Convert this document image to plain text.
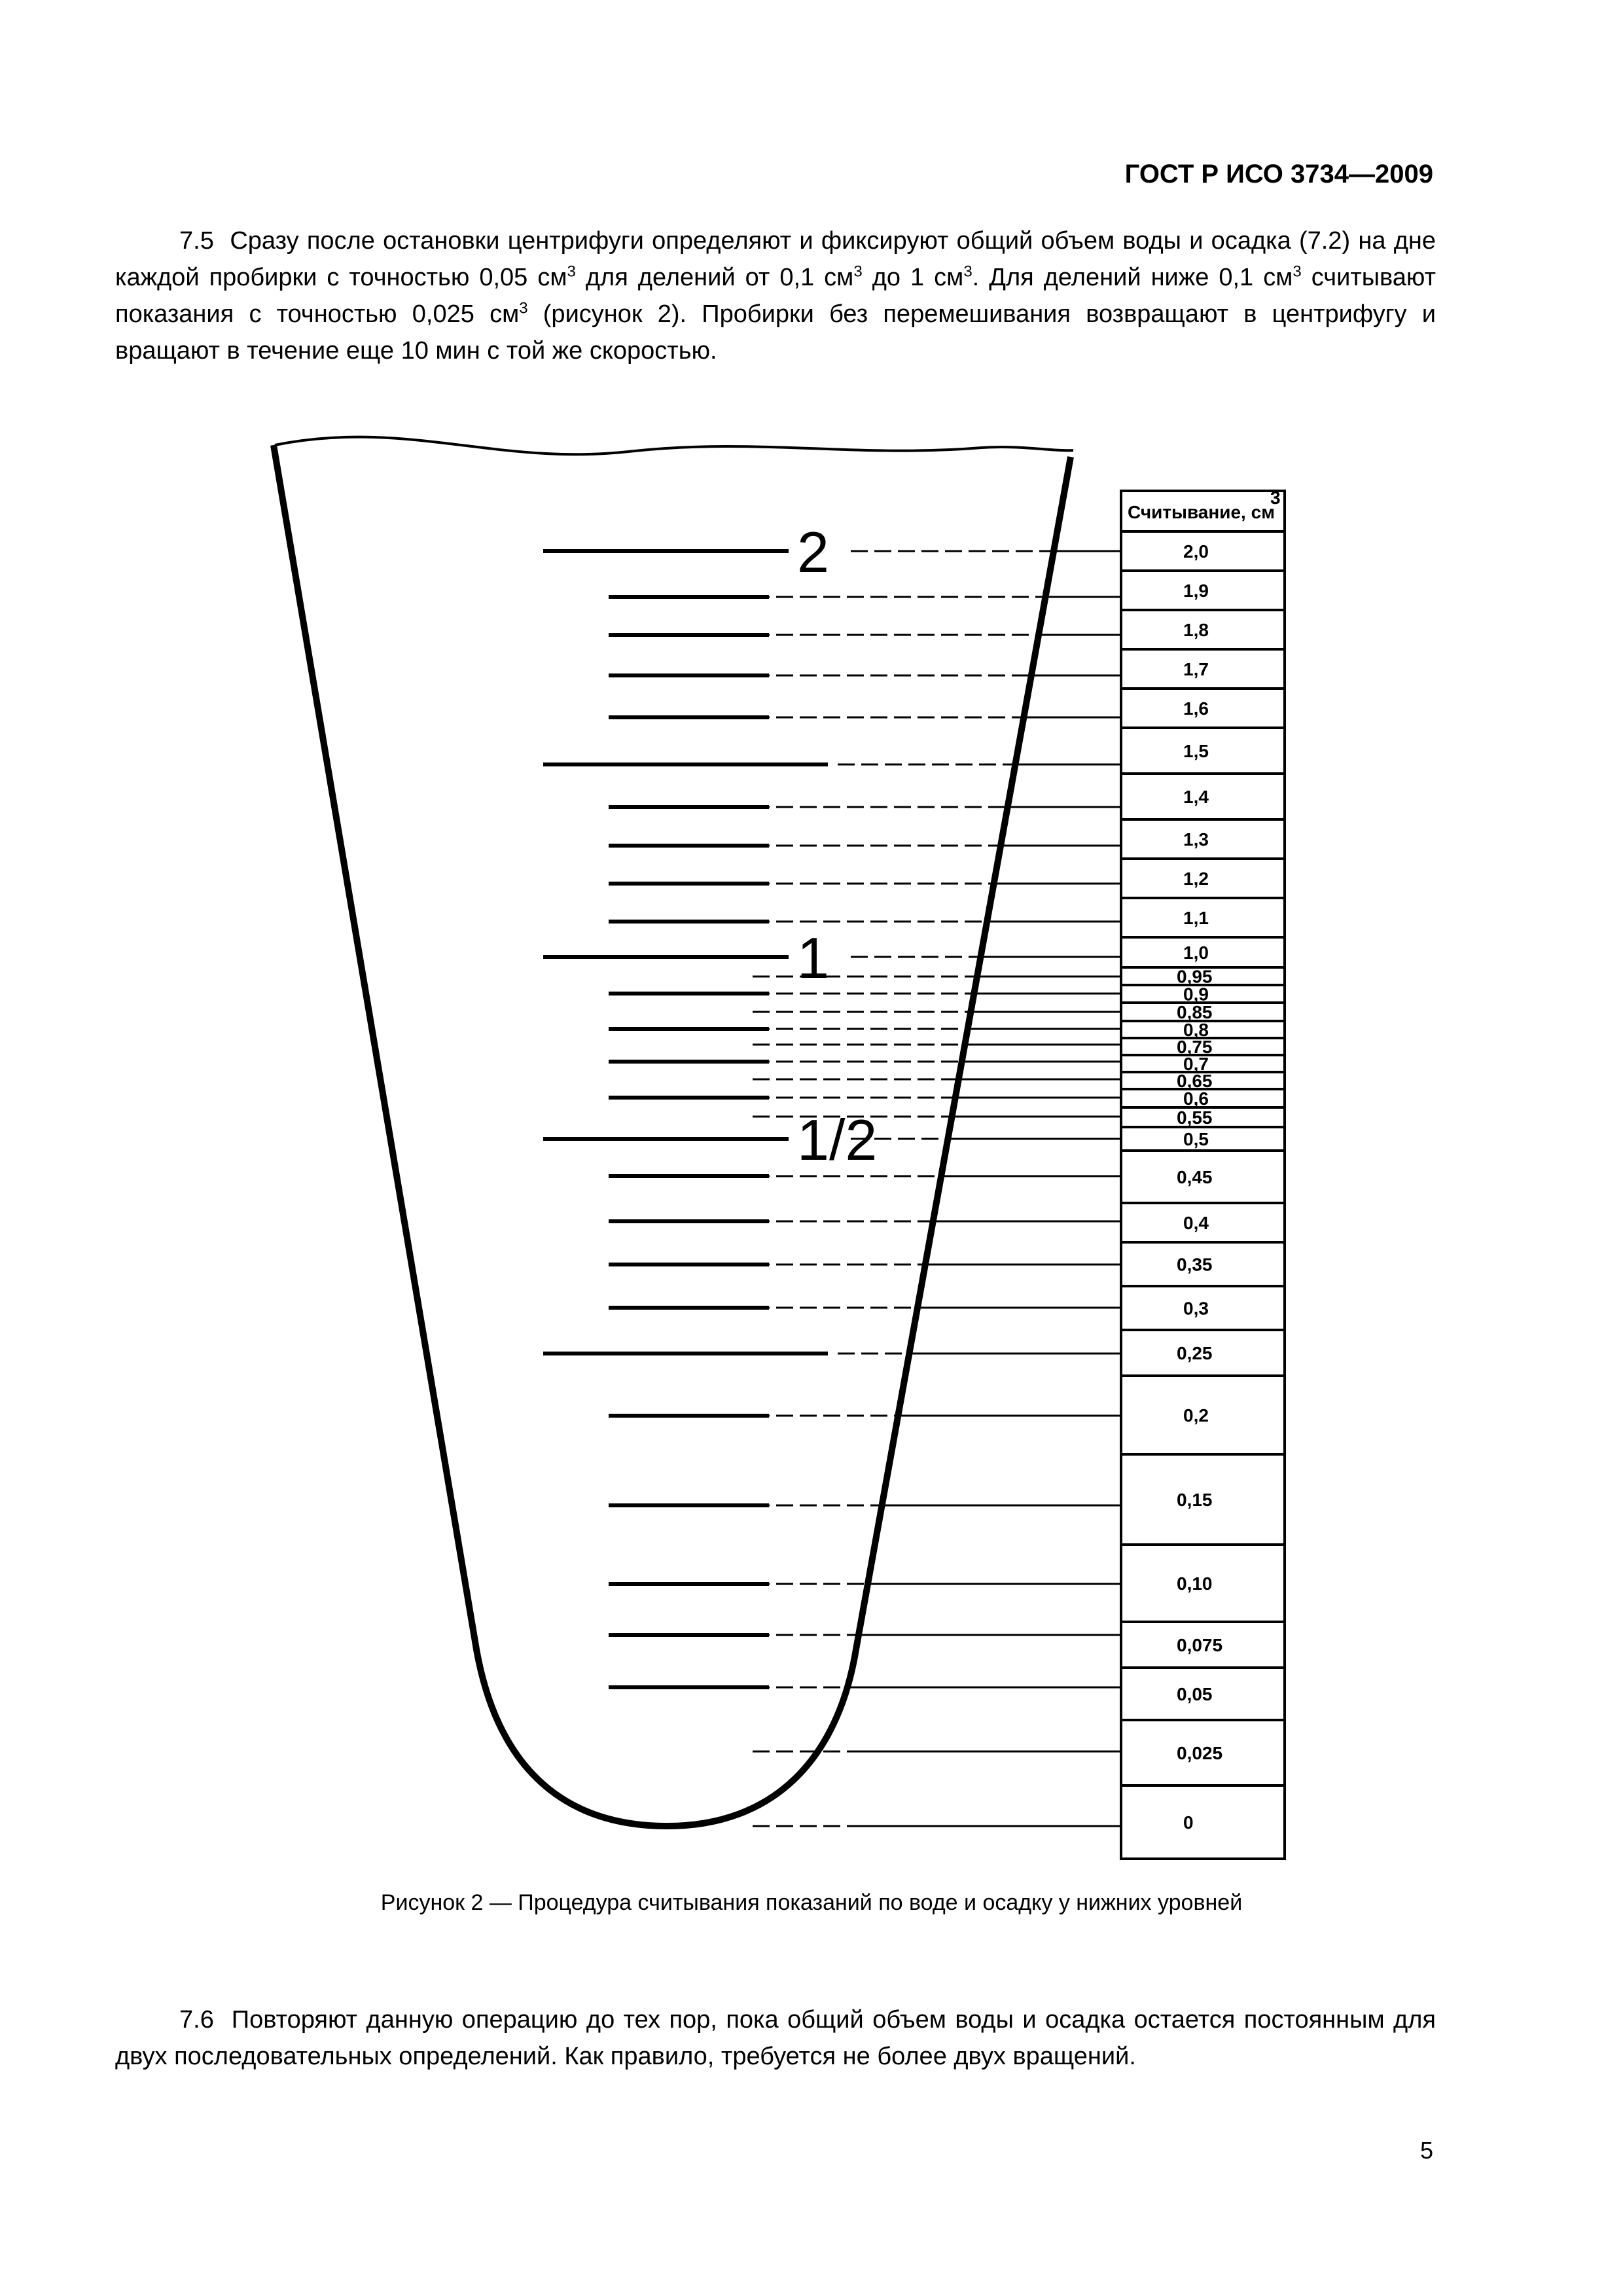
ГОСТ Р ИСО 3734—2009
7.5 Сразу после остановки центрифуги определяют и фиксируют общий объем воды и осадка (7.2) на дне каждой пробирки с точностью 0,05 $см^3$ для делений от 0,1 $см^3$ до 1 $см^3$. Для делений ниже 0,1 $см^3$ считывают показания с точностью 0,025 $см^3$ (рисунок 2). Пробирки без перемешивания возвращают в центрифугу и вращают в течение еще 10 мин с той же скоростью.
2
1
1/2
Считывание, см
3
2,0
1,9
1,8
1,7
1,6
1,5
1,4
1,3
1,2
1,1
1,0
0,95
0,9
0,85
0,8
0,75
0,7
0,65
0,6
0,55
0,5
0,45
0,4
0,35
0,3
0,25
0,2
0,15
0,10
0,075
0,05
0,025
0
Рисунок 2 — Процедура считывания показаний по воде и осадку у нижних уровней
7.6 Повторяют данную операцию до тех пор, пока общий объем воды и осадка остается постоянным для двух последовательных определений. Как правило, требуется не более двух вращений.
5
